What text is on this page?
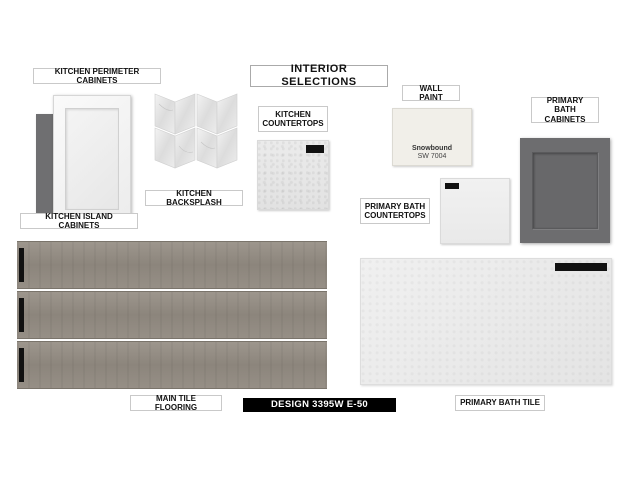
INTERIOR SELECTIONS
KITCHEN PERIMETER CABINETS
KITCHEN BACKSPLASH
KITCHEN
COUNTERTOPS
WALL PAINT
Snowbound
SW 7004
PRIMARY BATH
CABINETS
PRIMARY BATH
COUNTERTOPS
KITCHEN ISLAND CABINETS
MAIN TILE FLOORING	DESIGN 3395W E-50	PRIMARY BATH TILE
